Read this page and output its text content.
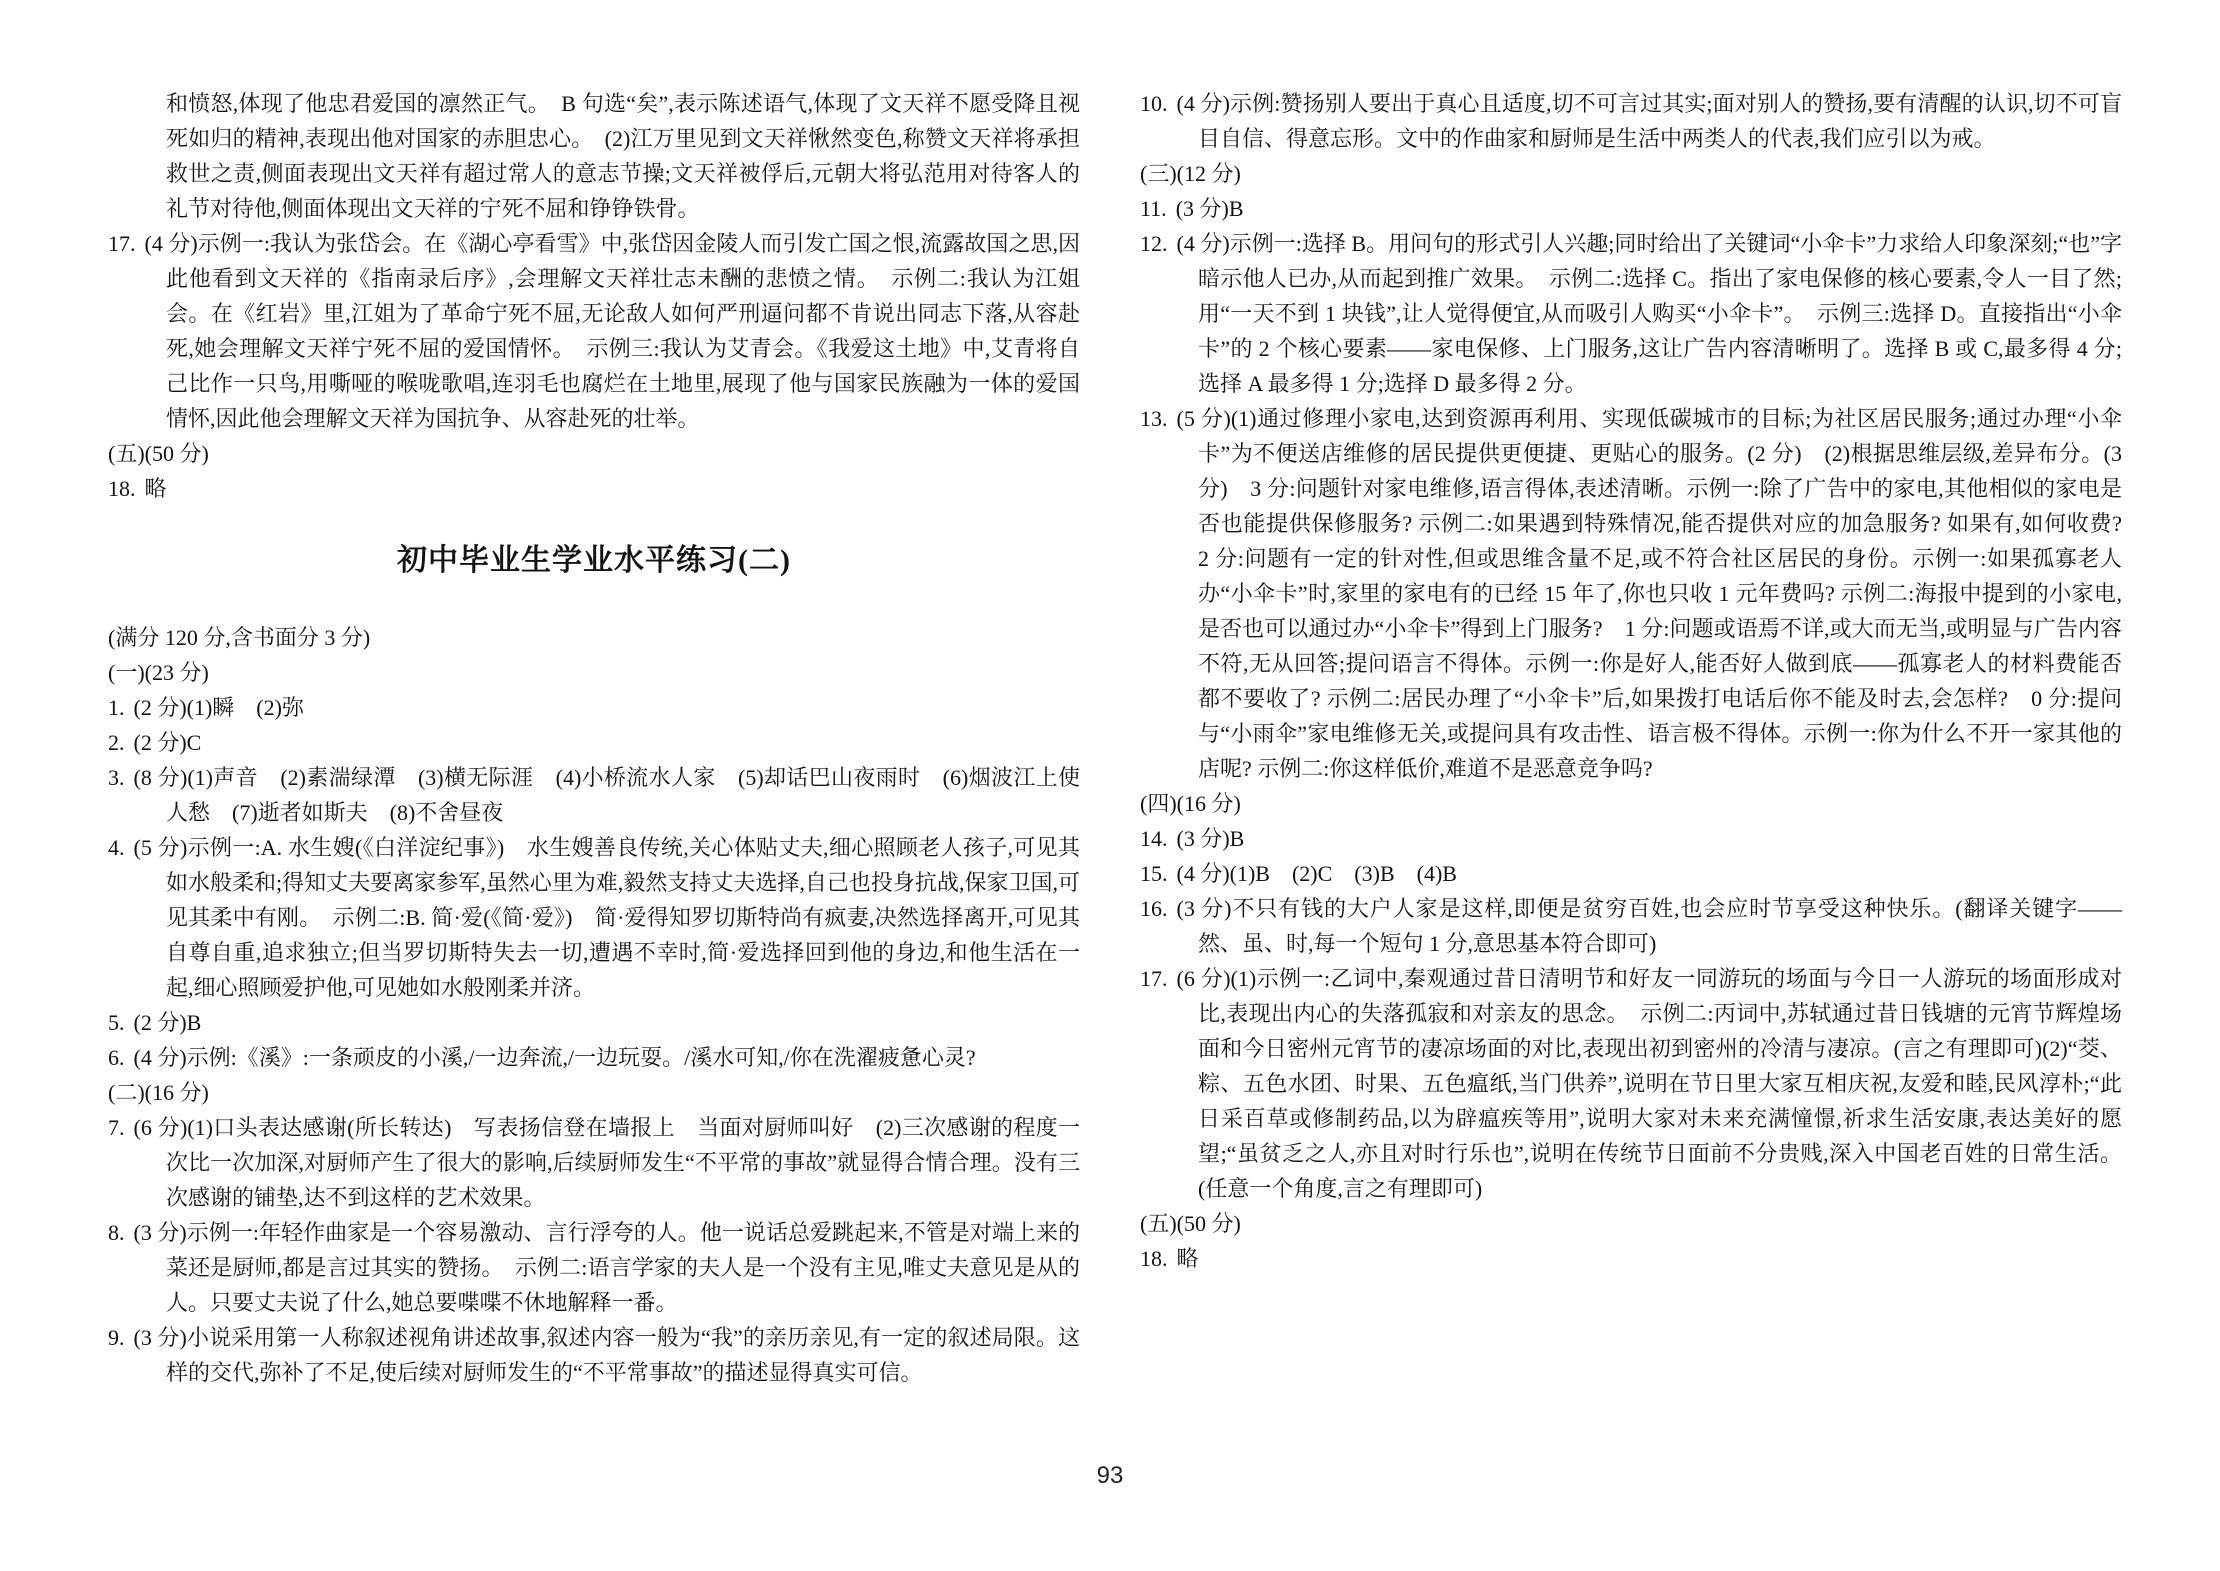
和愤怒,体现了他忠君爱国的凛然正气。　B 句选“矣”,表示陈述语气,体现了文天祥不愿受降且视死如归的精神,表现出他对国家的赤胆忠心。　(2)江万里见到文天祥愀然变色,称赞文天祥将承担救世之责,侧面表现出文天祥有超过常人的意志节操;文天祥被俘后,元朝大将弘范用对待客人的礼节对待他,侧面体现出文天祥的宁死不屈和铮铮铁骨。
17. (4 分)示例一:我认为张岱会。在《湖心亭看雪》中,张岱因金陵人而引发亡国之恨,流露故国之思,因此他看到文天祥的《指南录后序》,会理解文天祥壮志未酬的悲愤之情。　示例二:我认为江姐会。在《红岩》里,江姐为了革命宁死不屈,无论敌人如何严刑逼问都不肯说出同志下落,从容赴死,她会理解文天祥宁死不屈的爱国情怀。　示例三:我认为艾青会。《我爱这土地》中,艾青将自己比作一只鸟,用嘶哑的喉咙歌唱,连羽毛也腐烂在土地里,展现了他与国家民族融为一体的爱国情怀,因此他会理解文天祥为国抗争、从容赴死的壮举。
(五)(50 分)
18. 略
初中毕业生学业水平练习(二)
(满分 120 分,含书面分 3 分)
(一)(23 分)
1. (2 分)(1)瞬　(2)弥
2. (2 分)C
3. (8 分)(1)声音　(2)素湍绿潭　(3)横无际涯　(4)小桥流水人家　(5)却话巴山夜雨时　(6)烟波江上使人愁　(7)逝者如斯夫　(8)不舍昼夜
4. (5 分)示例一:A. 水生嫂(《白洋淀纪事》)　水生嫂善良传统,关心体贴丈夫,细心照顾老人孩子,可见其如水般柔和;得知丈夫要离家参军,虽然心里为难,毅然支持丈夫选择,自己也投身抗战,保家卫国,可见其柔中有刚。　示例二:B. 简·爱(《简·爱》)　简·爱得知罗切斯特尚有疯妻,决然选择离开,可见其自尊自重,追求独立;但当罗切斯特失去一切,遭遇不幸时,简·爱选择回到他的身边,和他生活在一起,细心照顾爱护他,可见她如水般刚柔并济。
5. (2 分)B
6. (4 分)示例:《溪》:一条顽皮的小溪,/一边奔流,/一边玩耍。/溪水可知,/你在洗濯疲惫心灵?
(二)(16 分)
7. (6 分)(1)口头表达感谢(所长转达)　写表扬信登在墙报上　当面对厨师叫好　(2)三次感谢的程度一次比一次加深,对厨师产生了很大的影响,后续厨师发生“不平常的事故”就显得合情合理。没有三次感谢的铺垫,达不到这样的艺术效果。
8. (3 分)示例一:年轻作曲家是一个容易激动、言行浮夸的人。他一说话总爱跳起来,不管是对端上来的菜还是厨师,都是言过其实的赞扬。　示例二:语言学家的夫人是一个没有主见,唯丈夫意见是从的人。只要丈夫说了什么,她总要喋喋不休地解释一番。
9. (3 分)小说采用第一人称叙述视角讲述故事,叙述内容一般为“我”的亲历亲见,有一定的叙述局限。这样的交代,弥补了不足,使后续对厨师发生的“不平常事故”的描述显得真实可信。
10. (4 分)示例:赞扬别人要出于真心且适度,切不可言过其实;面对别人的赞扬,要有清醒的认识,切不可盲目自信、得意忘形。文中的作曲家和厨师是生活中两类人的代表,我们应引以为戒。
(三)(12 分)
11. (3 分)B
12. (4 分)示例一:选择 B。用问句的形式引人兴趣;同时给出了关键词“小伞卡”力求给人印象深刻;“也”字暗示他人已办,从而起到推广效果。　示例二:选择 C。指出了家电保修的核心要素,令人一目了然;用“一天不到 1 块钱”,让人觉得便宜,从而吸引人购买“小伞卡”。　示例三:选择 D。直接指出“小伞卡”的 2 个核心要素——家电保修、上门服务,这让广告内容清晰明了。选择 B 或 C,最多得 4 分;选择 A 最多得 1 分;选择 D 最多得 2 分。
13. (5 分)(1)通过修理小家电,达到资源再利用、实现低碳城市的目标;为社区居民服务;通过办理“小伞卡”为不便送店维修的居民提供更便捷、更贴心的服务。(2 分)　(2)根据思维层级,差异布分。(3 分)　3 分:问题针对家电维修,语言得体,表述清晰。示例一:除了广告中的家电,其他相似的家电是否也能提供保修服务? 示例二:如果遇到特殊情况,能否提供对应的加急服务? 如果有,如何收费?　2 分:问题有一定的针对性,但或思维含量不足,或不符合社区居民的身份。示例一:如果孤寡老人办“小伞卡”时,家里的家电有的已经 15 年了,你也只收 1 元年费吗? 示例二:海报中提到的小家电,是否也可以通过办“小伞卡”得到上门服务?　1 分:问题或语焉不详,或大而无当,或明显与广告内容不符,无从回答;提问语言不得体。示例一:你是好人,能否好人做到底——孤寡老人的材料费能否都不要收了? 示例二:居民办理了“小伞卡”后,如果拨打电话后你不能及时去,会怎样?　0 分:提问与“小雨伞”家电维修无关,或提问具有攻击性、语言极不得体。示例一:你为什么不开一家其他的店呢? 示例二:你这样低价,难道不是恶意竞争吗?
(四)(16 分)
14. (3 分)B
15. (4 分)(1)B　(2)C　(3)B　(4)B
16. (3 分)不只有钱的大户人家是这样,即便是贫穷百姓,也会应时节享受这种快乐。(翻译关键字——然、虽、时,每一个短句 1 分,意思基本符合即可)
17. (6 分)(1)示例一:乙词中,秦观通过昔日清明节和好友一同游玩的场面与今日一人游玩的场面形成对比,表现出内心的失落孤寂和对亲友的思念。　示例二:丙词中,苏轼通过昔日钱塘的元宵节辉煌场面和今日密州元宵节的凄凉场面的对比,表现出初到密州的冷清与凄凉。(言之有理即可)(2)“茭、粽、五色水团、时果、五色瘟纸,当门供养”,说明在节日里大家互相庆祝,友爱和睦,民风淳朴;“此日采百草或修制药品,以为辟瘟疾等用”,说明大家对未来充满憧憬,祈求生活安康,表达美好的愿望;“虽贫乏之人,亦且对时行乐也”,说明在传统节日面前不分贵贱,深入中国老百姓的日常生活。(任意一个角度,言之有理即可)
(五)(50 分)
18. 略
93
